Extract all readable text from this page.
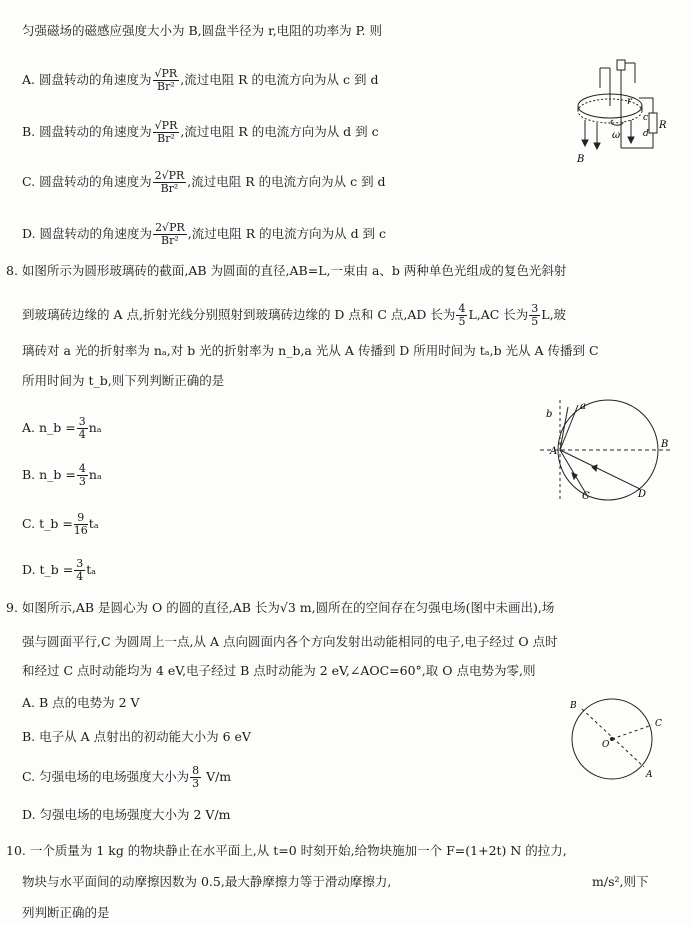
匀强磁场的磁感应强度大小为 B,圆盘半径为 r,电阻的功率为 P. 则
A. 圆盘转动的角速度为 $\frac{√PR}{\text{Br²}}$ ,流过电阻 R 的电流方向为从 c 到 d
B. 圆盘转动的角速度为 $\frac{√PR}{\text{Br²}}$ ,流过电阻 R 的电流方向为从 d 到 c
C. 圆盘转动的角速度为 $\frac{2√PR}{\text{Br²}}$ ,流过电阻 R 的电流方向为从 c 到 d
D. 圆盘转动的角速度为 $\frac{2√PR}{\text{Br²}}$ ,流过电阻 R 的电流方向为从 d 到 c
B
ω
r
c
d
R
8. 如图所示为圆形玻璃砖的截面,AB 为圆面的直径,AB=L,一束由 a、b 两种单色光组成的复色光斜射
到玻璃砖边缘的 A 点,折射光线分别照射到玻璃砖边缘的 D 点和 C 点,AD 长为 $\frac{4}{5} L,AC$ 长为 $\frac{3}{5} L$,玻
璃砖对 a 光的折射率为 nₐ,对 b 光的折射率为 n_b,a 光从 A 传播到 D 所用时间为 tₐ,b 光从 A 传播到 C
所用时间为 t_b,则下列判断正确的是
A. n_b = $\frac{3}{4}$ nₐ
B. n_b = $\frac{4}{3}$ nₐ
C. t_b = $\frac{9}{16}$ tₐ
D. t_b = $\frac{3}{4}$ tₐ
b
a
A
B
C	D
9. 如图所示,AB 是圆心为 O 的圆的直径,AB 长为√3 m,圆所在的空间存在匀强电场(图中未画出),场
强与圆面平行,C 为圆周上一点,从 A 点向圆面内各个方向发射出动能相同的电子,电子经过 O 点时
和经过 C 点时动能均为 4 eV,电子经过 B 点时动能为 2 eV,∠AOC=60°,取 O 点电势为零,则
A. B 点的电势为 2 V
B. 电子从 A 点射出的初动能大小为 6 eV
C. 匀强电场的电场强度大小为 $\frac{8}{3} V/m$
D. 匀强电场的电场强度大小为 2 V/m
B
C
O
A
10. 一个质量为 1 kg 的物块静止在水平面上,从 t=0 时刻开始,给物块施加一个 F=(1+2t) N 的拉力,
物块与水平面间的动摩擦因数为 0.5,最大静摩擦力等于滑动摩擦力,	m/s²,则下
列判断正确的是
